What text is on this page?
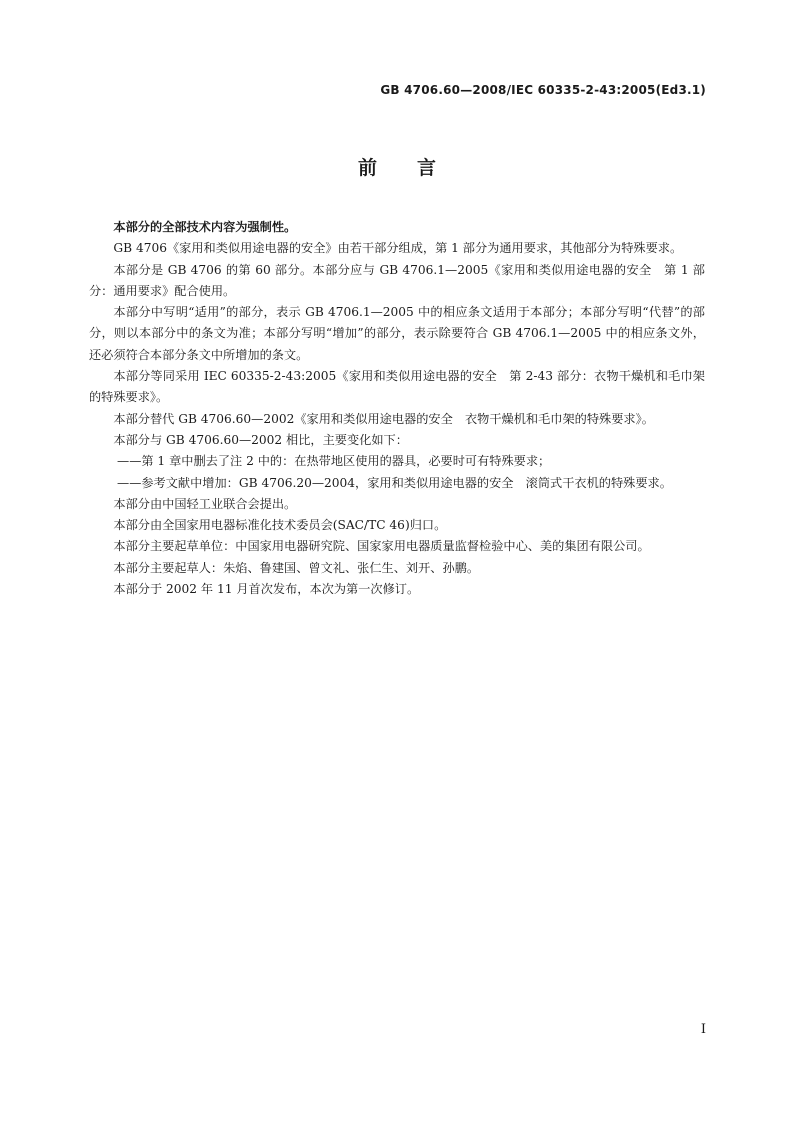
GB 4706.60—2008/IEC 60335-2-43:2005(Ed3.1)
前言

本部分的全部技术内容为强制性。

GB 4706《家用和类似用途电器的安全》由若干部分组成，第 1 部分为通用要求，其他部分为特殊要求。

本部分是 GB 4706 的第 60 部分。本部分应与 GB 4706.1—2005《家用和类似用途电器的安全　第 1 部分：通用要求》配合使用。

本部分中写明“适用”的部分，表示 GB 4706.1—2005 中的相应条文适用于本部分；本部分写明“代替”的部分，则以本部分中的条文为准；本部分写明“增加”的部分，表示除要符合 GB 4706.1—2005 中的相应条文外，还必须符合本部分条文中所增加的条文。

本部分等同采用 IEC 60335-2-43:2005《家用和类似用途电器的安全　第 2-43 部分：衣物干燥机和毛巾架的特殊要求》。

本部分替代 GB 4706.60—2002《家用和类似用途电器的安全　衣物干燥机和毛巾架的特殊要求》。

本部分与 GB 4706.60—2002 相比，主要变化如下：

——第 1 章中删去了注 2 中的：在热带地区使用的器具，必要时可有特殊要求；

——参考文献中增加：GB 4706.20—2004，家用和类似用途电器的安全　滚筒式干衣机的特殊要求。

本部分由中国轻工业联合会提出。

本部分由全国家用电器标准化技术委员会(SAC/TC 46)归口。

本部分主要起草单位：中国家用电器研究院、国家家用电器质量监督检验中心、美的集团有限公司。

本部分主要起草人：朱焰、鲁建国、曾文礼、张仁生、刘开、孙鹏。

本部分于 2002 年 11 月首次发布，本次为第一次修订。

I
